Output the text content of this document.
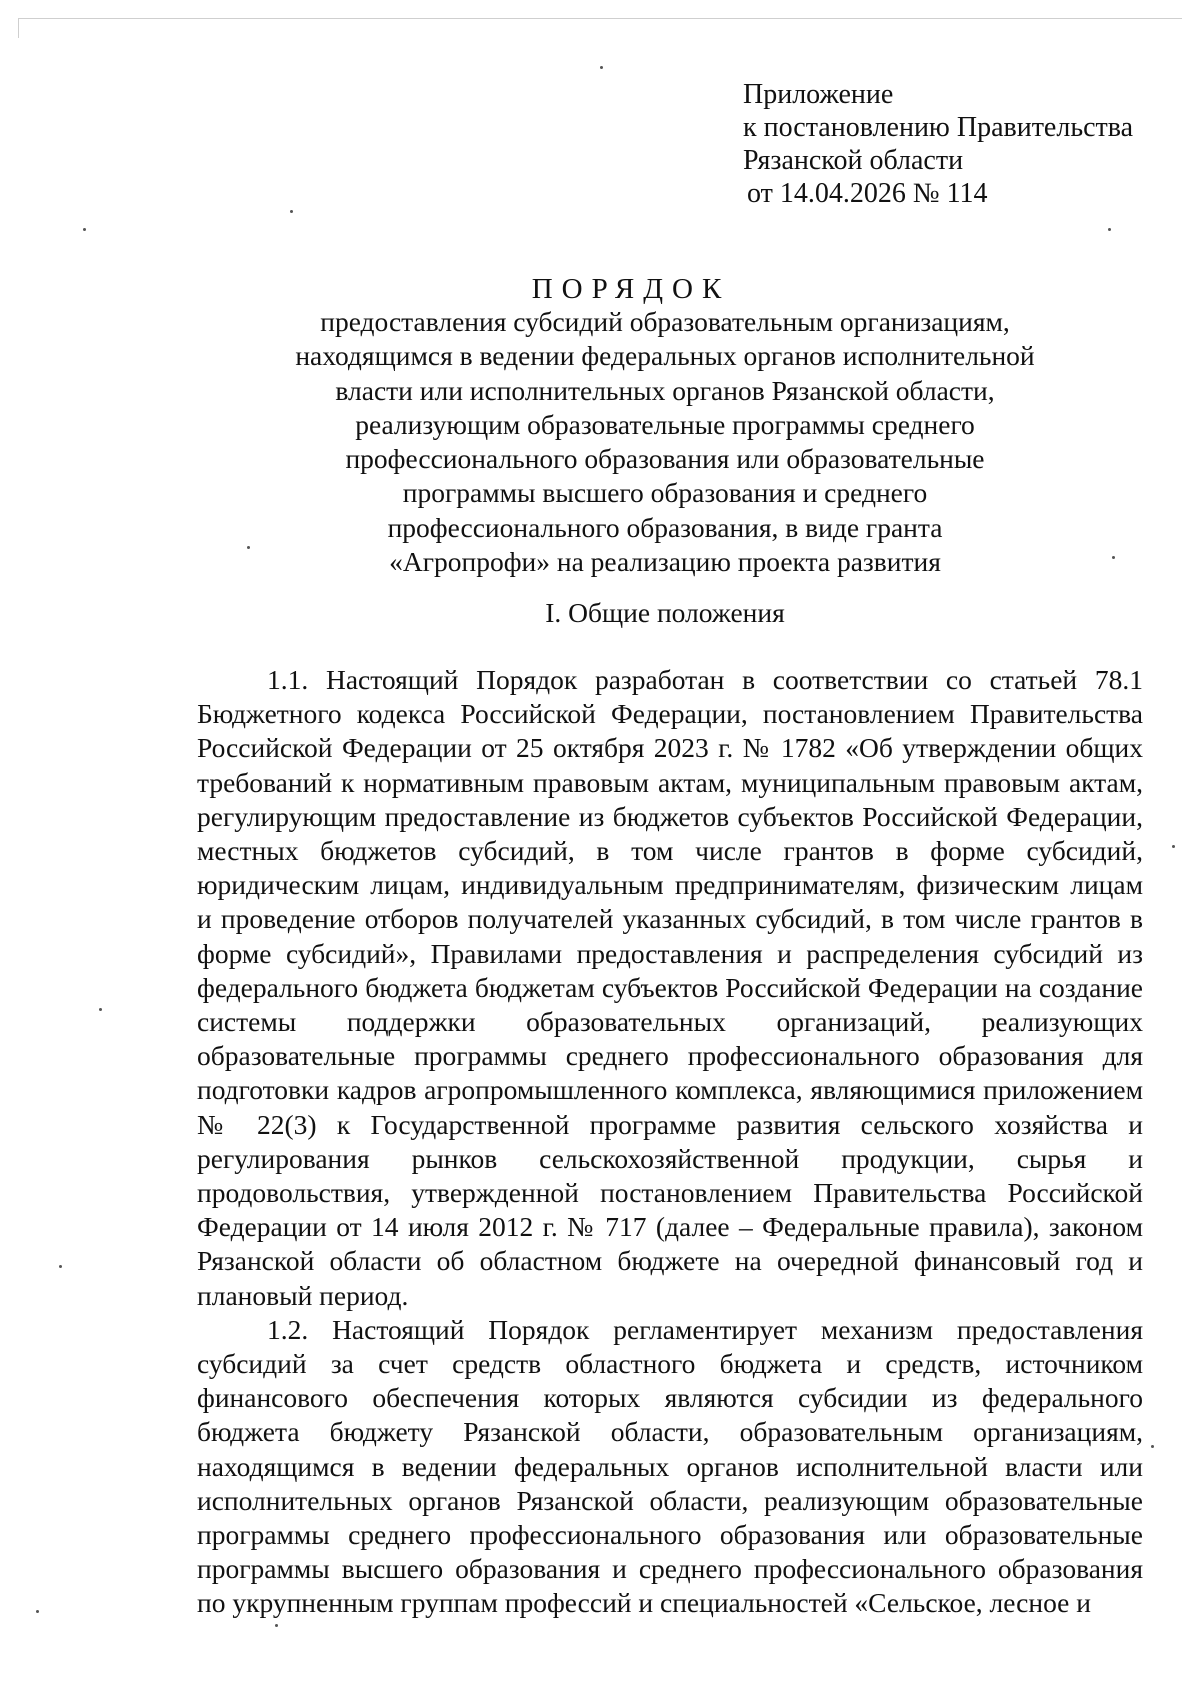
Приложение
к постановлению Правительства
Рязанской области
от 14.04.2026 № 114
ПОРЯДОК
предоставления субсидий образовательным организациям,
находящимся в ведении федеральных органов исполнительной
власти или исполнительных органов Рязанской области,
реализующим образовательные программы среднего
профессионального образования или образовательные
программы высшего образования и среднего
профессионального образования, в виде гранта
«Агропрофи» на реализацию проекта развития
I. Общие положения

1.1. Настоящий Порядок разработан в соответствии со статьей 78.1 Бюджетного кодекса Российской Федерации, постановлением Правительства Российской Федерации от 25 октября 2023 г. № 1782 «Об утверждении общих требований к нормативным правовым актам, муниципальным правовым актам, регулирующим предоставление из бюджетов субъектов Российской Федерации, местных бюджетов субсидий, в том числе грантов в форме субсидий, юридическим лицам, индивидуальным предпринимателям, физическим лицам и проведение отборов получателей указанных субсидий, в том числе грантов в форме субсидий», Правилами предоставления и распределения субсидий из федерального бюджета бюджетам субъектов Российской Федерации на создание системы поддержки образовательных организаций, реализующих образовательные программы среднего профессионального образования для подготовки кадров агропромышленного комплекса, являющимися приложением № 22(3) к Государственной программе развития сельского хозяйства и регулирования рынков сельскохозяйственной продукции, сырья и продовольствия, утвержденной постановлением Правительства Российской Федерации от 14 июля 2012 г. № 717 (далее – Федеральные правила), законом Рязанской области об областном бюджете на очередной финансовый год и плановый период.

1.2. Настоящий Порядок регламентирует механизм предоставления субсидий за счет средств областного бюджета и средств, источником финансового обеспечения которых являются субсидии из федерального бюджета бюджету Рязанской области, образовательным организациям, находящимся в ведении федеральных органов исполнительной власти или исполнительных органов Рязанской области, реализующим образовательные программы среднего профессионального образования или образовательные программы высшего образования и среднего профессионального образования по укрупненным группам профессий и специальностей «Сельское, лесное и
